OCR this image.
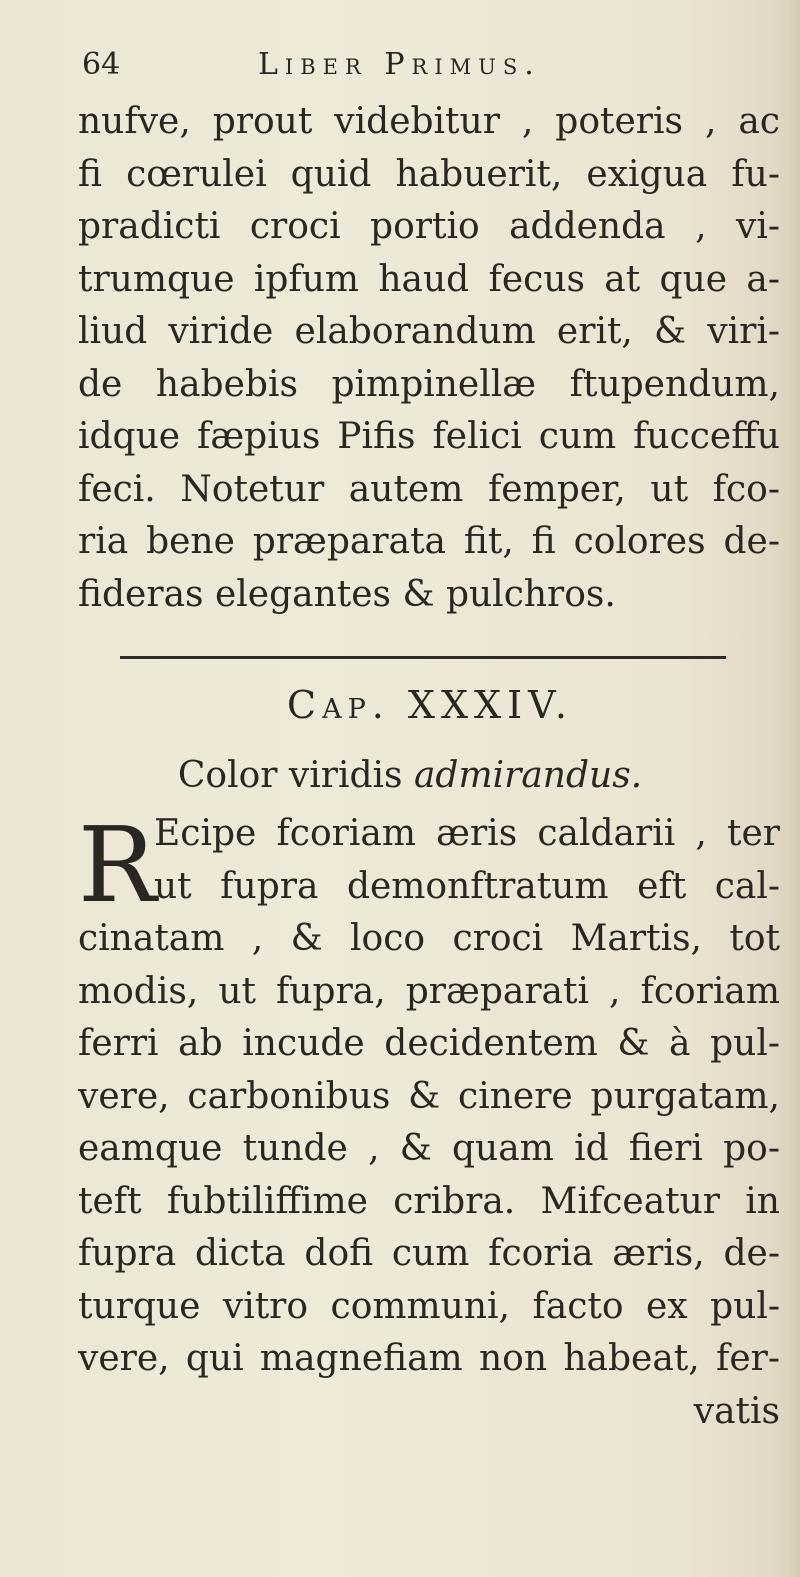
64	Liber Primus.
nufve, prout videbitur , poteris , ac
fi cœrulei quid habuerit, exigua fu-
pradicti croci portio addenda , vi-
trumque ipfum haud fecus at que a-
liud viride elaborandum erit, & viri-
de habebis pimpinellæ ftupendum,
idque fæpius Pifis felici cum fucceffu
feci. Notetur autem femper, ut fco-
ria bene præparata fit, fi colores de-
fideras elegantes & pulchros.
Cap. XXXIV.
Color viridis admirandus.
R
Ecipe fcoriam æris caldarii , ter
ut fupra demonftratum eft cal-
cinatam , & loco croci Martis, tot
modis, ut fupra, præparati , fcoriam
ferri ab incude decidentem & à pul-
vere, carbonibus & cinere purgatam,
eamque tunde , & quam id fieri po-
teft fubtiliffime cribra. Mifceatur in
fupra dicta dofi cum fcoria æris, de-
turque vitro communi, facto ex pul-
vere, qui magnefiam non habeat, fer-
vatis
